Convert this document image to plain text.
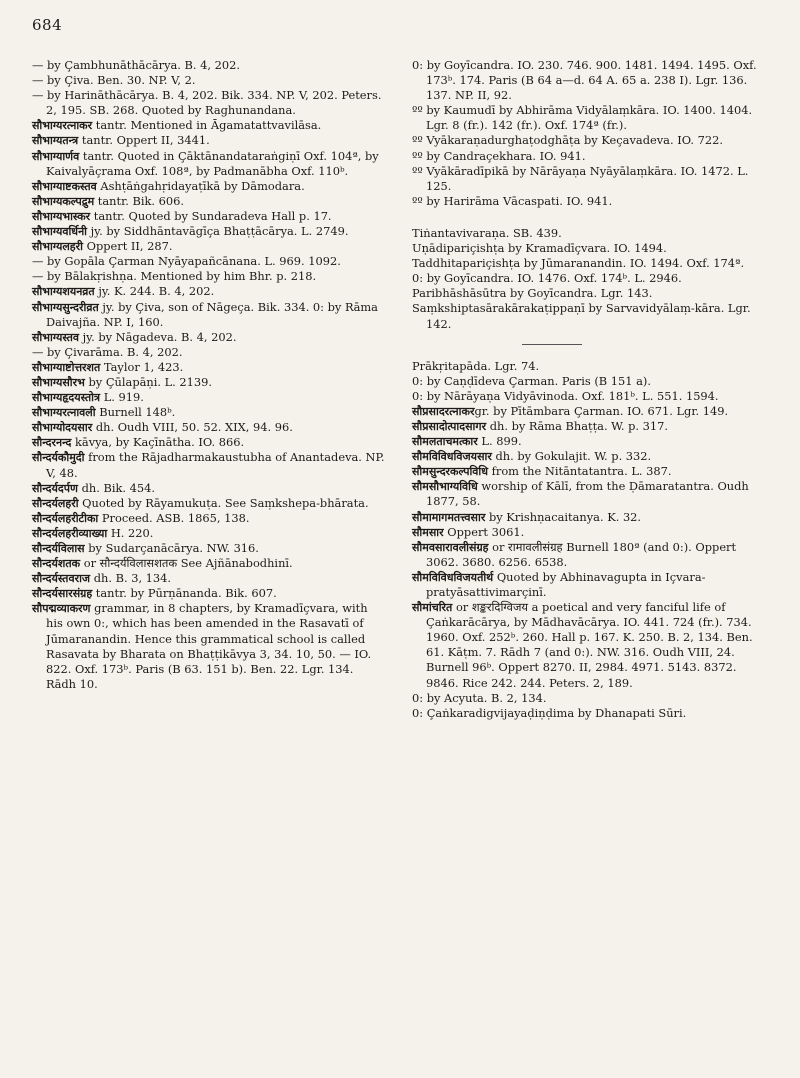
684

— by Çambhunāthācārya. B. 4, 202.

— by Çiva. Ben. 30. NP. V, 2.

— by Harināthācārya. B. 4, 202. Bik. 334. NP. V, 202. Peters. 2, 195. SB. 268. Quoted by Raghunandana.

सौभाग्यरत्नाकर tantr. Mentioned in Āgamatattvavilāsa.

सौभाग्यतन्त्र tantr. Oppert II, 3441.

सौभाग्यार्णव tantr. Quoted in Çāktānandataraṅgiṇī Oxf. 104ª, by Kaivalyāçrama Oxf. 108ª, by Padmanābha Oxf. 110ᵇ.

सौभाग्याष्टकस्तव Ashṭāṅgahṛidayaṭīkā by Dāmodara.

सौभाग्यकल्पद्रुम tantr. Bik. 606.

सौभाग्यभास्कर tantr. Quoted by Sundaradeva Hall p. 17.

सौभाग्यवर्धिनी jy. by Siddhāntavāgīça Bhaṭṭācārya. L. 2749.

सौभाग्यलहरी Oppert II, 287.

— by Gopāla Çarman Nyāyapañcānana. L. 969. 1092.

— by Bālakṛishṇa. Mentioned by him Bhr. p. 218.

सौभाग्यशयनव्रत jy. K. 244. B. 4, 202.

सौभाग्यसुन्दरीव्रत jy. by Çiva, son of Nāgeça. Bik. 334. 0: by Rāma Daivajña. NP. I, 160.

सौभाग्यस्तव jy. by Nāgadeva. B. 4, 202.

— by Çivarāma. B. 4, 202.

सौभाग्याष्टोत्तरशत Taylor 1, 423.

सौभाग्यसौरभ by Çūlapāṇi. L. 2139.

सौभाग्यहृदयस्तोत्र L. 919.

सौभाग्यरत्नावली Burnell 148ᵇ.

सौभाग्योदयसार dh. Oudh VIII, 50. 52. XIX, 94. 96.

सौन्दरनन्द kāvya, by Kaçīnātha. IO. 866.

सौन्दर्यकौमुदी from the Rājadharmakaustubha of Anantadeva. NP. V, 48.

सौन्दर्यदर्पण dh. Bik. 454.

सौन्दर्यलहरी Quoted by Rāyamukuṭa. See Saṃkshepa-bhārata.

सौन्दर्यलहरीटीका Proceed. ASB. 1865, 138.

सौन्दर्यलहरीव्याख्या H. 220.

सौन्दर्यविलास by Sudarçanācārya. NW. 316.

सौन्दर्यशतक or सौन्दर्यविलासशतक See Ajñānabodhinī.

सौन्दर्यस्तवराज dh. B. 3, 134.

सौन्दर्यसारसंग्रह tantr. by Pūrṇānanda. Bik. 607.

सौपद्मव्याकरण grammar, in 8 chapters, by Kramadīçvara, with his own 0:, which has been amended in the Rasavatī of Jūmaranandin. Hence this grammatical school is called Rasavata by Bharata on Bhaṭṭikāvya 3, 34. 10, 50. — IO. 822. Oxf. 173ᵇ. Paris (B 63. 151 b). Ben. 22. Lgr. 134. Rādh 10.

0: by Goyīcandra. IO. 230. 746. 900. 1481. 1494. 1495. Oxf. 173ᵇ. 174. Paris (B 64 a—d. 64 A. 65 a. 238 I). Lgr. 136. 137. NP. II, 92.

ºº by Kaumudī by Abhirāma Vidyālaṃkāra. IO. 1400. 1404. Lgr. 8 (fr.). 142 (fr.). Oxf. 174ª (fr.).

ºº Vyākaraṇadurghaṭodghāṭa by Keçavadeva. IO. 722.

ºº by Candraçekhara. IO. 941.

ºº Vyākāradīpikā by Nārāyaṇa Nyāyālaṃkāra. IO. 1472. L. 125.

ºº by Harirāma Vācaspati. IO. 941.

Tiṅantavivaraṇa. SB. 439.

Uṇādipariçishṭa by Kramadīçvara. IO. 1494.

Taddhitapariçishṭa by Jūmaranandin. IO. 1494. Oxf. 174ª.

0: by Goyīcandra. IO. 1476. Oxf. 174ᵇ. L. 2946.

Paribhāshāsūtra by Goyīcandra. Lgr. 143.

Saṃkshiptasārakārakaṭippaṇī by Sarvavidyālaṃ-kāra. Lgr. 142.

Prākṛitapāda. Lgr. 74.

0: by Caṇḍīdeva Çarman. Paris (B 151 a).

0: by Nārāyaṇa Vidyāvinoda. Oxf. 181ᵇ. L. 551. 1594.

सौप्रसादरत्नाकरgr. by Pītāmbara Çarman. IO. 671. Lgr. 149.

सौप्रसादोत्पादसागर dh. by Rāma Bhaṭṭa. W. p. 317.

सौमलताचमत्कार L. 899.

सौमविविधविजयसार dh. by Gokulajit. W. p. 332.

सौमसुन्दरकल्पविधि from the Nitāntatantra. L. 387.

सौमसौभाग्यविधि worship of Kālī, from the Ḍāmaratantra. Oudh 1877, 58.

सौमामागमतत्त्वसार by Krishṇacaitanya. K. 32.

सौमसार Oppert 3061.

सौमवसारावलीसंग्रह or रामावलीसंग्रह Burnell 180ª (and 0:). Oppert 3062. 3680. 6256. 6538.

सौमविविधविजयतीर्थ Quoted by Abhinavagupta in Içvara-pratyāsattivimarçinī.

सौमांचरित or शङ्करदिग्विजय a poetical and very fanciful life of Çaṅkarācārya, by Mādhavācārya. IO. 441. 724 (fr.). 734. 1960. Oxf. 252ᵇ. 260. Hall p. 167. K. 250. B. 2, 134. Ben. 61. Kāṭm. 7. Rādh 7 (and 0:). NW. 316. Oudh VIII, 24. Burnell 96ᵇ. Oppert 8270. II, 2984. 4971. 5143. 8372. 9846. Rice 242. 244. Peters. 2, 189.

0: by Acyuta. B. 2, 134.

0: Çaṅkaradigvijayaḍiṇḍima by Dhanapati Sūri.
